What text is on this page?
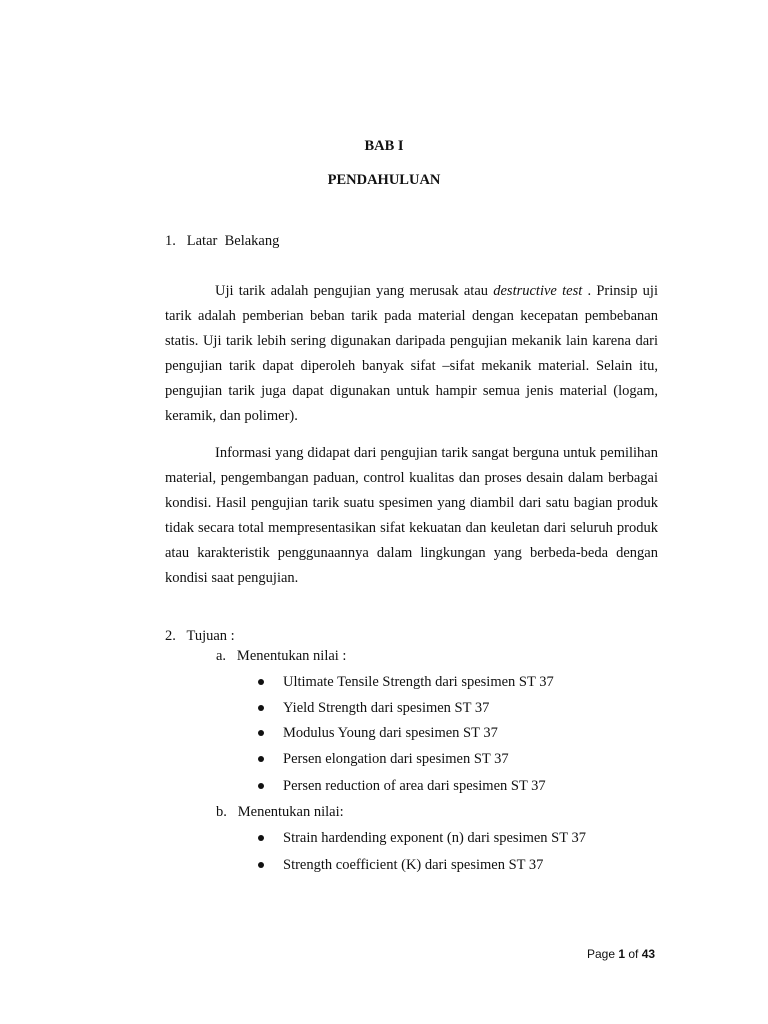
BAB I
PENDAHULUAN
1.   Latar  Belakang

Uji tarik adalah pengujian yang merusak atau destructive test . Prinsip uji tarik adalah pemberian beban tarik pada material dengan kecepatan pembebanan statis. Uji tarik lebih sering digunakan daripada pengujian mekanik lain karena dari pengujian tarik dapat diperoleh banyak sifat –sifat mekanik material. Selain itu, pengujian tarik juga dapat digunakan untuk hampir semua jenis material (logam, keramik, dan polimer).

Informasi yang didapat dari pengujian tarik sangat berguna untuk pemilihan material, pengembangan paduan, control kualitas dan proses desain dalam berbagai kondisi. Hasil pengujian tarik suatu spesimen yang diambil dari satu bagian produk tidak secara total mempresentasikan sifat kekuatan dan keuletan dari seluruh produk atau karakteristik penggunaannya dalam lingkungan yang berbeda-beda dengan kondisi saat pengujian.

2.   Tujuan :
a.   Menentukan nilai :
Ultimate Tensile Strength dari spesimen ST 37
Yield Strength dari spesimen ST 37
Modulus Young dari spesimen ST 37
Persen elongation dari spesimen ST 37
Persen reduction of area dari spesimen ST 37
b.   Menentukan nilai:
Strain hardending exponent (n) dari spesimen ST 37
Strength coefficient (K) dari spesimen ST 37
Page 1 of 43
